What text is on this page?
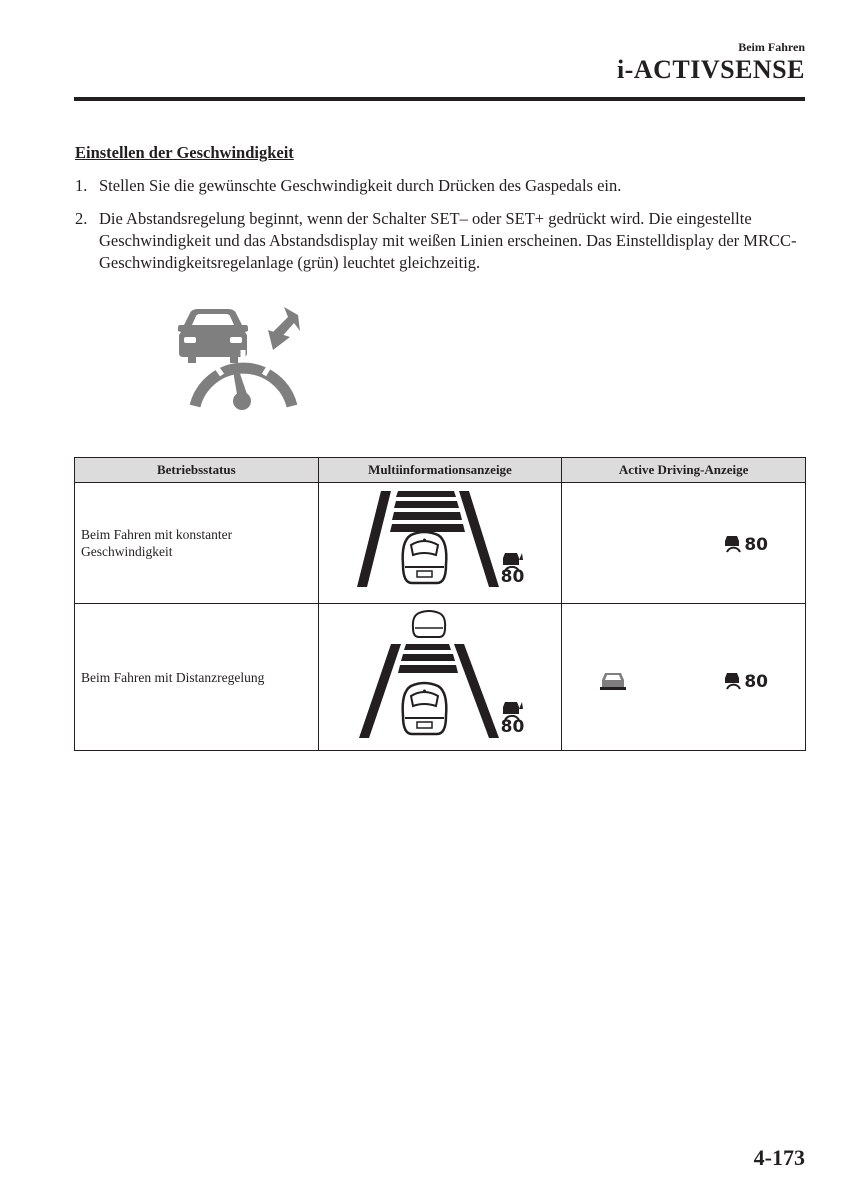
Beim Fahren
i-ACTIVSENSE
Einstellen der Geschwindigkeit
1. Stellen Sie die gewünschte Geschwindigkeit durch Drücken des Gaspedals ein.
2. Die Abstandsregelung beginnt, wenn der Schalter SET– oder SET+ gedrückt wird. Die eingestellte Geschwindigkeit und das Abstandsdisplay mit weißen Linien erscheinen. Das Einstelldisplay der MRCC-Geschwindigkeitsregelanlage (grün) leuchtet gleichzeitig.
Betriebsstatus	Multiinformationsanzeige	Active Driving-Anzeige
Beim Fahren mit konstanter Geschwindigkeit	80	80

Beim Fahren mit Distanzregelung	80	80
4-173
